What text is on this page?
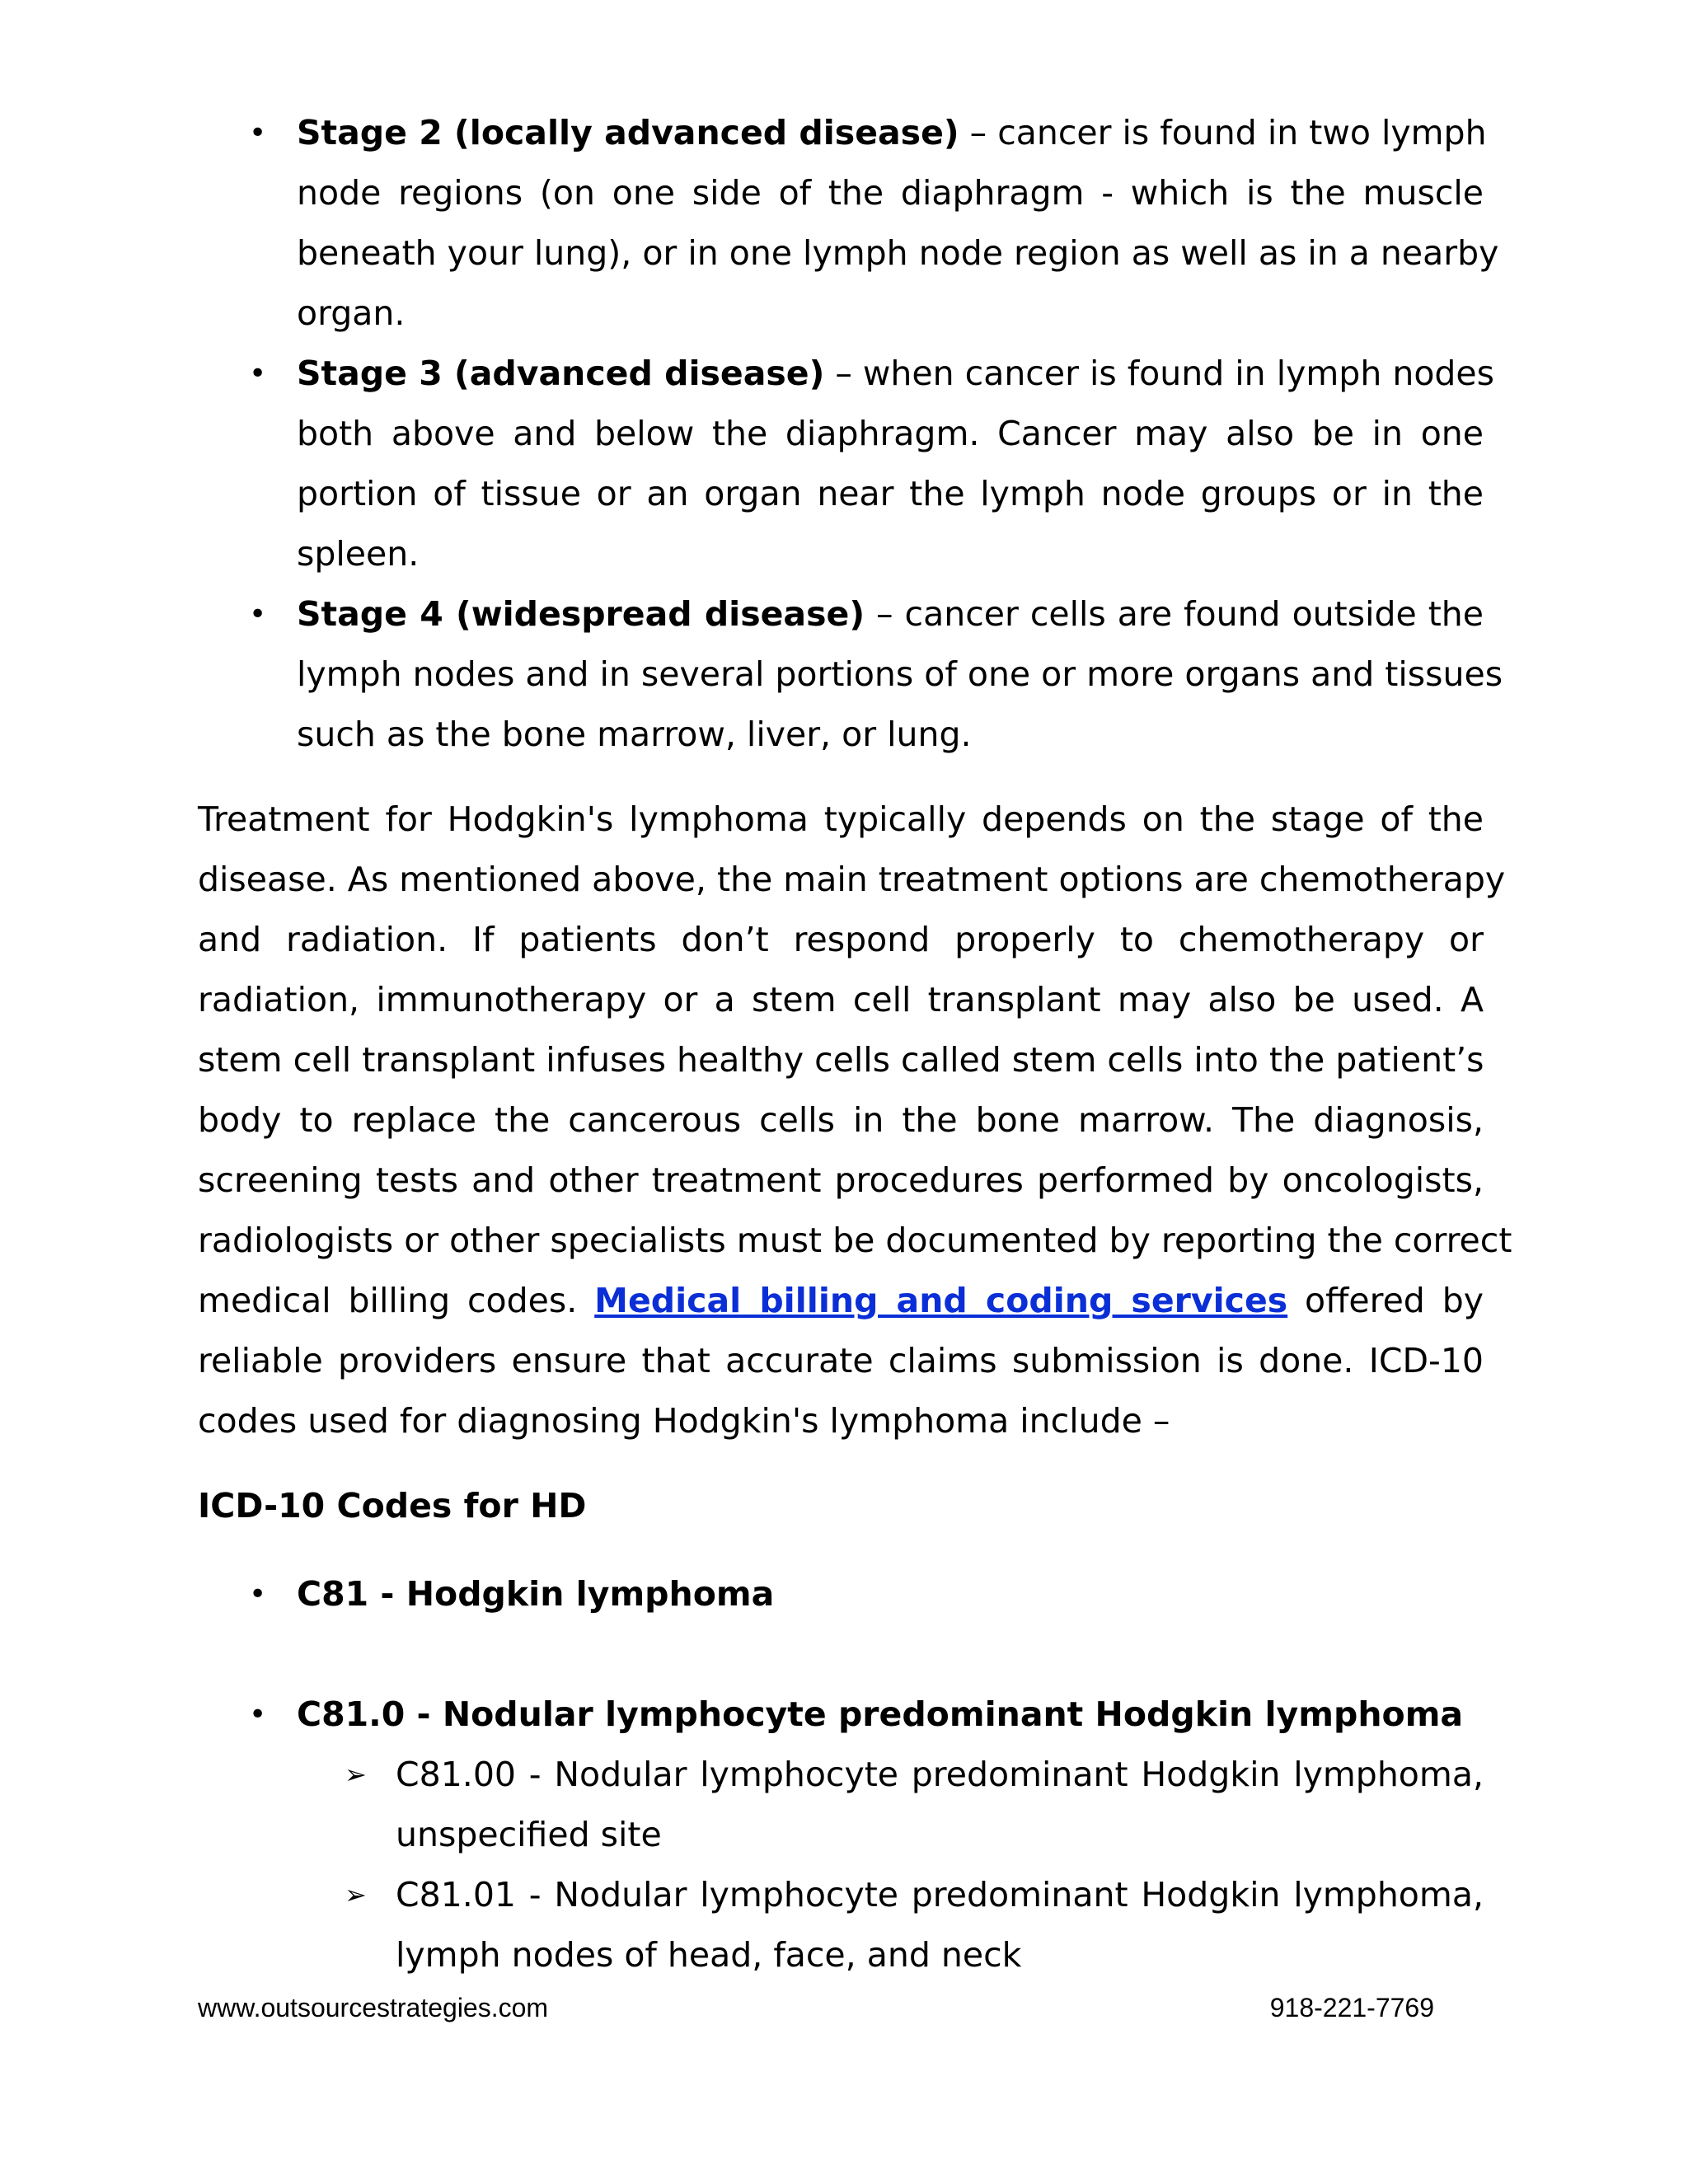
• Stage 2 (locally advanced disease) – cancer is found in two lymph
node regions (on one side of the diaphragm - which is the muscle
beneath your lung), or in one lymph node region as well as in a nearby
organ.
• Stage 3 (advanced disease) – when cancer is found in lymph nodes
both above and below the diaphragm. Cancer may also be in one
portion of tissue or an organ near the lymph node groups or in the
spleen.
• Stage 4 (widespread disease) – cancer cells are found outside the
lymph nodes and in several portions of one or more organs and tissues
such as the bone marrow, liver, or lung.
Treatment for Hodgkin's lymphoma typically depends on the stage of the
disease. As mentioned above, the main treatment options are chemotherapy
and radiation. If patients don’t respond properly to chemotherapy or
radiation, immunotherapy or a stem cell transplant may also be used. A
stem cell transplant infuses healthy cells called stem cells into the patient’s
body to replace the cancerous cells in the bone marrow. The diagnosis,
screening tests and other treatment procedures performed by oncologists,
radiologists or other specialists must be documented by reporting the correct
medical billing codes. Medical billing and coding services offered by
reliable providers ensure that accurate claims submission is done. ICD-10
codes used for diagnosing Hodgkin's lymphoma include –
ICD-10 Codes for HD
• C81 - Hodgkin lymphoma
• C81.0 - Nodular lymphocyte predominant Hodgkin lymphoma
➢ C81.00 - Nodular lymphocyte predominant Hodgkin lymphoma,
unspecified site
➢ C81.01 - Nodular lymphocyte predominant Hodgkin lymphoma,
lymph nodes of head, face, and neck
www.outsourcestrategies.com	918-221-7769
